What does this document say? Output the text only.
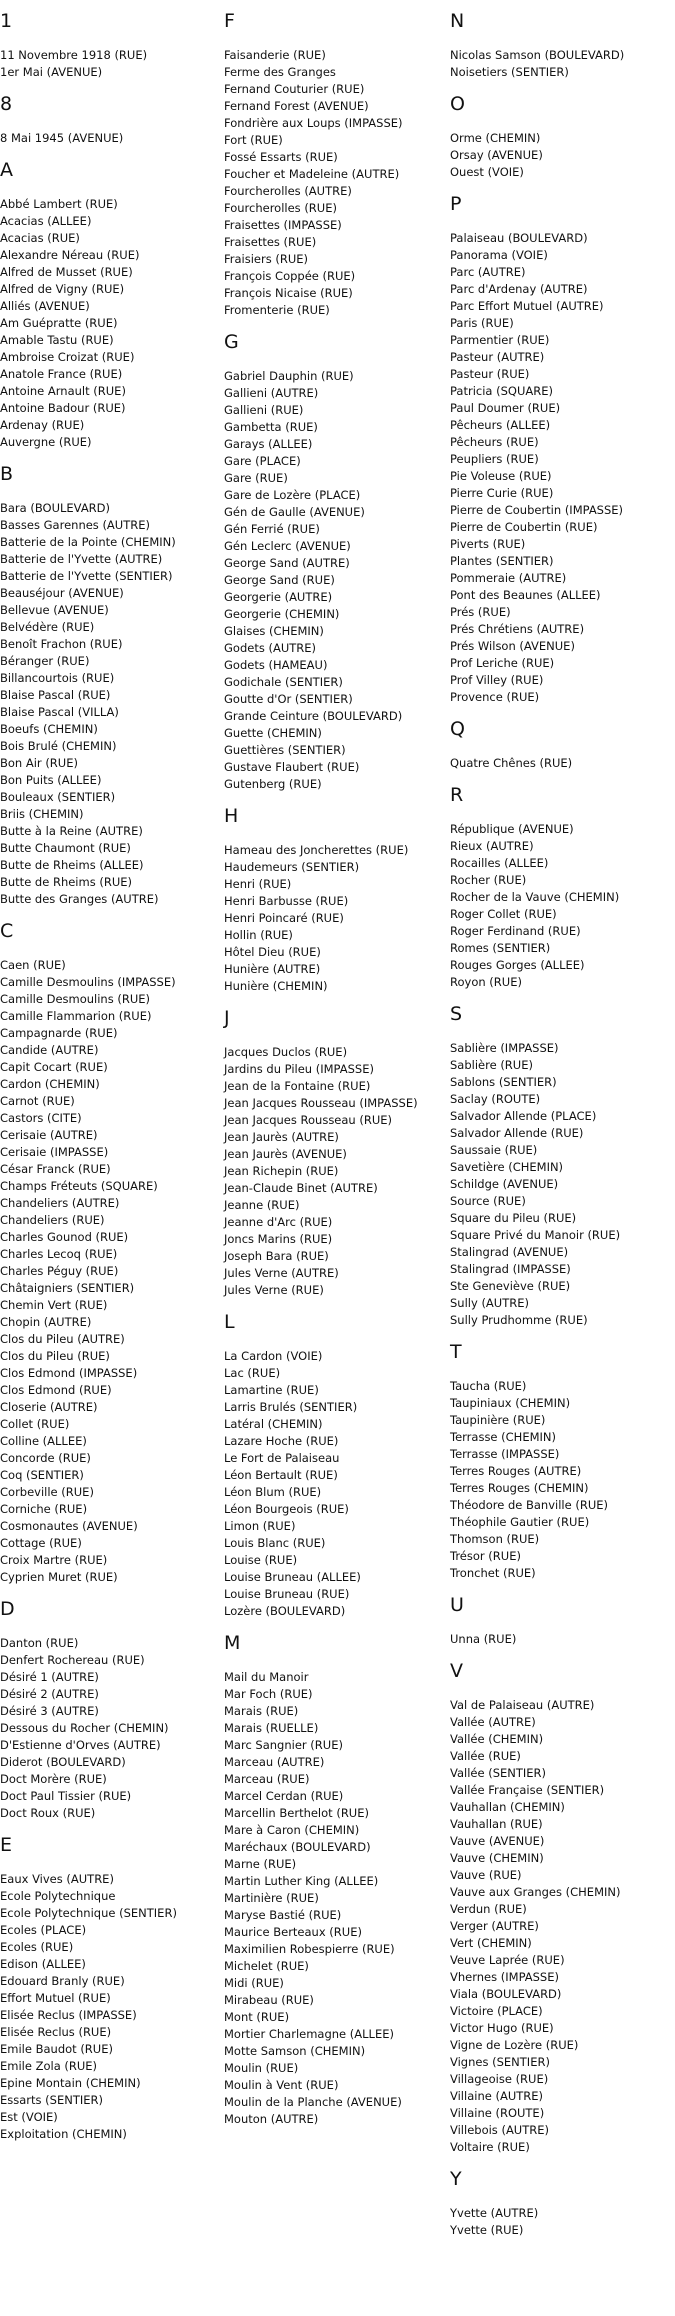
1
11 Novembre 1918 (RUE)
1er Mai (AVENUE)
8
8 Mai 1945 (AVENUE)
A
Abbé Lambert (RUE)
Acacias (ALLEE)
Acacias (RUE)
Alexandre Néreau (RUE)
Alfred de Musset (RUE)
Alfred de Vigny (RUE)
Alliés (AVENUE)
Am Guépratte (RUE)
Amable Tastu (RUE)
Ambroise Croizat (RUE)
Anatole France (RUE)
Antoine Arnault (RUE)
Antoine Badour (RUE)
Ardenay (RUE)
Auvergne (RUE)
B
Bara (BOULEVARD)
Basses Garennes (AUTRE)
Batterie de la Pointe (CHEMIN)
Batterie de l'Yvette (AUTRE)
Batterie de l'Yvette (SENTIER)
Beauséjour (AVENUE)
Bellevue (AVENUE)
Belvédère (RUE)
Benoît Frachon (RUE)
Béranger (RUE)
Billancourtois (RUE)
Blaise Pascal (RUE)
Blaise Pascal (VILLA)
Boeufs (CHEMIN)
Bois Brulé (CHEMIN)
Bon Air (RUE)
Bon Puits (ALLEE)
Bouleaux (SENTIER)
Briis (CHEMIN)
Butte à la Reine (AUTRE)
Butte Chaumont (RUE)
Butte de Rheims (ALLEE)
Butte de Rheims (RUE)
Butte des Granges (AUTRE)
C
Caen (RUE)
Camille Desmoulins (IMPASSE)
Camille Desmoulins (RUE)
Camille Flammarion (RUE)
Campagnarde (RUE)
Candide (AUTRE)
Capit Cocart (RUE)
Cardon (CHEMIN)
Carnot (RUE)
Castors (CITE)
Cerisaie (AUTRE)
Cerisaie (IMPASSE)
César Franck (RUE)
Champs Fréteuts (SQUARE)
Chandeliers (AUTRE)
Chandeliers (RUE)
Charles Gounod (RUE)
Charles Lecoq (RUE)
Charles Péguy (RUE)
Châtaigniers (SENTIER)
Chemin Vert (RUE)
Chopin (AUTRE)
Clos du Pileu (AUTRE)
Clos du Pileu (RUE)
Clos Edmond (IMPASSE)
Clos Edmond (RUE)
Closerie (AUTRE)
Collet (RUE)
Colline (ALLEE)
Concorde (RUE)
Coq (SENTIER)
Corbeville (RUE)
Corniche (RUE)
Cosmonautes (AVENUE)
Cottage (RUE)
Croix Martre (RUE)
Cyprien Muret (RUE)
D
Danton (RUE)
Denfert Rochereau (RUE)
Désiré 1 (AUTRE)
Désiré 2 (AUTRE)
Désiré 3 (AUTRE)
Dessous du Rocher (CHEMIN)
D'Estienne d'Orves (AUTRE)
Diderot (BOULEVARD)
Doct Morère (RUE)
Doct Paul Tissier (RUE)
Doct Roux (RUE)
E
Eaux Vives (AUTRE)
Ecole Polytechnique
Ecole Polytechnique (SENTIER)
Ecoles (PLACE)
Ecoles (RUE)
Edison (ALLEE)
Edouard Branly (RUE)
Effort Mutuel (RUE)
Elisée Reclus (IMPASSE)
Elisée Reclus (RUE)
Emile Baudot (RUE)
Emile Zola (RUE)
Epine Montain (CHEMIN)
Essarts (SENTIER)
Est (VOIE)
Exploitation (CHEMIN)
F
Faisanderie (RUE)
Ferme des Granges
Fernand Couturier (RUE)
Fernand Forest (AVENUE)
Fondrière aux Loups (IMPASSE)
Fort (RUE)
Fossé Essarts (RUE)
Foucher et Madeleine (AUTRE)
Fourcherolles (AUTRE)
Fourcherolles (RUE)
Fraisettes (IMPASSE)
Fraisettes (RUE)
Fraisiers (RUE)
François Coppée (RUE)
François Nicaise (RUE)
Fromenterie (RUE)
G
Gabriel Dauphin (RUE)
Gallieni (AUTRE)
Gallieni (RUE)
Gambetta (RUE)
Garays (ALLEE)
Gare (PLACE)
Gare (RUE)
Gare de Lozère (PLACE)
Gén de Gaulle (AVENUE)
Gén Ferrié (RUE)
Gén Leclerc (AVENUE)
George Sand (AUTRE)
George Sand (RUE)
Georgerie (AUTRE)
Georgerie (CHEMIN)
Glaises (CHEMIN)
Godets (AUTRE)
Godets (HAMEAU)
Godichale (SENTIER)
Goutte d'Or (SENTIER)
Grande Ceinture (BOULEVARD)
Guette (CHEMIN)
Guettières (SENTIER)
Gustave Flaubert (RUE)
Gutenberg (RUE)
H
Hameau des Joncherettes (RUE)
Haudemeurs (SENTIER)
Henri (RUE)
Henri Barbusse (RUE)
Henri Poincaré (RUE)
Hollin (RUE)
Hôtel Dieu (RUE)
Hunière (AUTRE)
Hunière (CHEMIN)
J
Jacques Duclos (RUE)
Jardins du Pileu (IMPASSE)
Jean de la Fontaine (RUE)
Jean Jacques Rousseau (IMPASSE)
Jean Jacques Rousseau (RUE)
Jean Jaurès (AUTRE)
Jean Jaurès (AVENUE)
Jean Richepin (RUE)
Jean-Claude Binet (AUTRE)
Jeanne (RUE)
Jeanne d'Arc (RUE)
Joncs Marins (RUE)
Joseph Bara (RUE)
Jules Verne (AUTRE)
Jules Verne (RUE)
L
La Cardon (VOIE)
Lac (RUE)
Lamartine (RUE)
Larris Brulés (SENTIER)
Latéral (CHEMIN)
Lazare Hoche (RUE)
Le Fort de Palaiseau
Léon Bertault (RUE)
Léon Blum (RUE)
Léon Bourgeois (RUE)
Limon (RUE)
Louis Blanc (RUE)
Louise (RUE)
Louise Bruneau (ALLEE)
Louise Bruneau (RUE)
Lozère (BOULEVARD)
M
Mail du Manoir
Mar Foch (RUE)
Marais (RUE)
Marais (RUELLE)
Marc Sangnier (RUE)
Marceau (AUTRE)
Marceau (RUE)
Marcel Cerdan (RUE)
Marcellin Berthelot (RUE)
Mare à Caron (CHEMIN)
Maréchaux (BOULEVARD)
Marne (RUE)
Martin Luther King (ALLEE)
Martinière (RUE)
Maryse Bastié (RUE)
Maurice Berteaux (RUE)
Maximilien Robespierre (RUE)
Michelet (RUE)
Midi (RUE)
Mirabeau (RUE)
Mont (RUE)
Mortier Charlemagne (ALLEE)
Motte Samson (CHEMIN)
Moulin (RUE)
Moulin à Vent (RUE)
Moulin de la Planche (AVENUE)
Mouton (AUTRE)
N
Nicolas Samson (BOULEVARD)
Noisetiers (SENTIER)
O
Orme (CHEMIN)
Orsay (AVENUE)
Ouest (VOIE)
P
Palaiseau (BOULEVARD)
Panorama (VOIE)
Parc (AUTRE)
Parc d'Ardenay (AUTRE)
Parc Effort Mutuel (AUTRE)
Paris (RUE)
Parmentier (RUE)
Pasteur (AUTRE)
Pasteur (RUE)
Patricia (SQUARE)
Paul Doumer (RUE)
Pêcheurs (ALLEE)
Pêcheurs (RUE)
Peupliers (RUE)
Pie Voleuse (RUE)
Pierre Curie (RUE)
Pierre de Coubertin (IMPASSE)
Pierre de Coubertin (RUE)
Piverts (RUE)
Plantes (SENTIER)
Pommeraie (AUTRE)
Pont des Beaunes (ALLEE)
Prés (RUE)
Prés Chrétiens (AUTRE)
Prés Wilson (AVENUE)
Prof Leriche (RUE)
Prof Villey (RUE)
Provence (RUE)
Q
Quatre Chênes (RUE)
R
République (AVENUE)
Rieux (AUTRE)
Rocailles (ALLEE)
Rocher (RUE)
Rocher de la Vauve (CHEMIN)
Roger Collet (RUE)
Roger Ferdinand (RUE)
Romes (SENTIER)
Rouges Gorges (ALLEE)
Royon (RUE)
S
Sablière (IMPASSE)
Sablière (RUE)
Sablons (SENTIER)
Saclay (ROUTE)
Salvador Allende (PLACE)
Salvador Allende (RUE)
Saussaie (RUE)
Savetière (CHEMIN)
Schildge (AVENUE)
Source (RUE)
Square du Pileu (RUE)
Square Privé du Manoir (RUE)
Stalingrad (AVENUE)
Stalingrad (IMPASSE)
Ste Geneviève (RUE)
Sully (AUTRE)
Sully Prudhomme (RUE)
T
Taucha (RUE)
Taupiniaux (CHEMIN)
Taupinière (RUE)
Terrasse (CHEMIN)
Terrasse (IMPASSE)
Terres Rouges (AUTRE)
Terres Rouges (CHEMIN)
Théodore de Banville (RUE)
Théophile Gautier (RUE)
Thomson (RUE)
Trésor (RUE)
Tronchet (RUE)
U
Unna (RUE)
V
Val de Palaiseau (AUTRE)
Vallée (AUTRE)
Vallée (CHEMIN)
Vallée (RUE)
Vallée (SENTIER)
Vallée Française (SENTIER)
Vauhallan (CHEMIN)
Vauhallan (RUE)
Vauve (AVENUE)
Vauve (CHEMIN)
Vauve (RUE)
Vauve aux Granges (CHEMIN)
Verdun (RUE)
Verger (AUTRE)
Vert (CHEMIN)
Veuve Laprée (RUE)
Vhernes (IMPASSE)
Viala (BOULEVARD)
Victoire (PLACE)
Victor Hugo (RUE)
Vigne de Lozère (RUE)
Vignes (SENTIER)
Villageoise (RUE)
Villaine (AUTRE)
Villaine (ROUTE)
Villebois (AUTRE)
Voltaire (RUE)
Y
Yvette (AUTRE)
Yvette (RUE)
